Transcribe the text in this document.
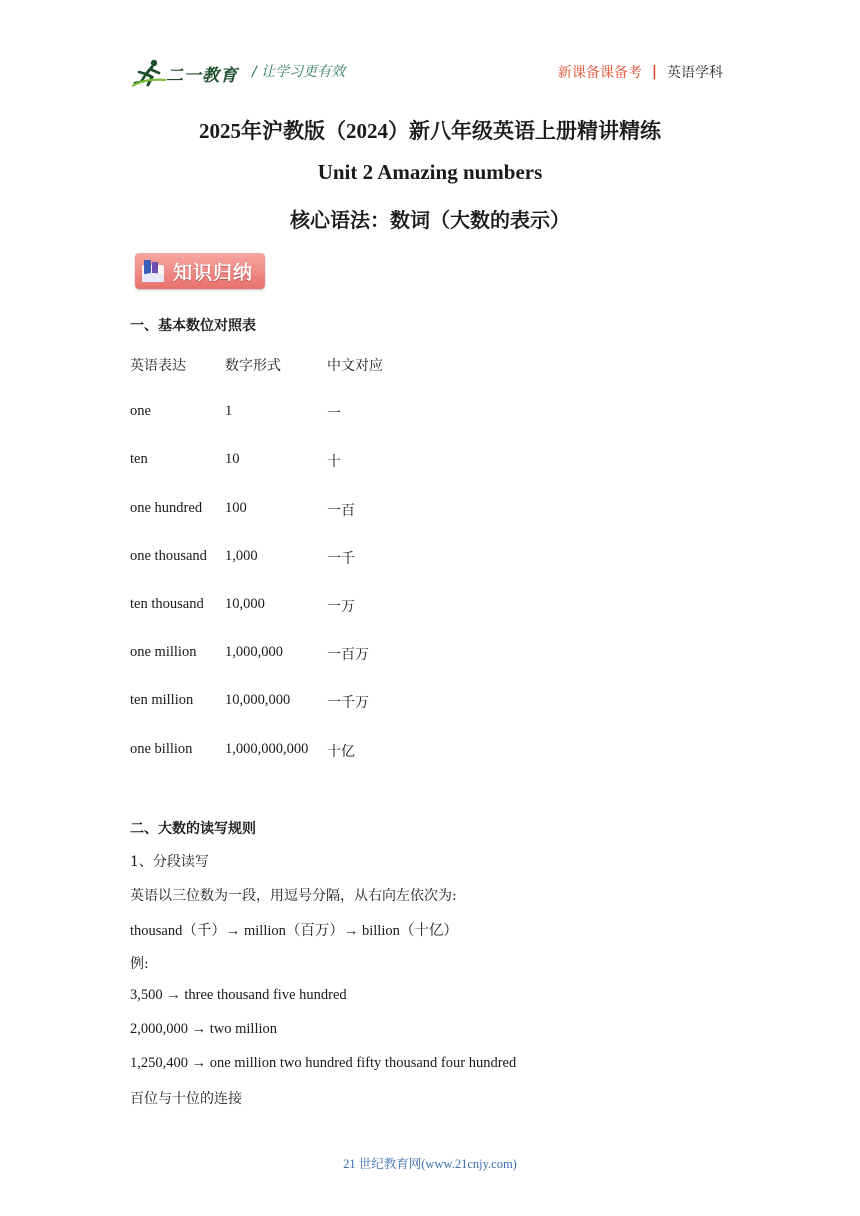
二一教育 / 让学习更有效	新课备课备考 | 英语学科
2025年沪教版（2024）新八年级英语上册精讲精练
Unit 2 Amazing numbers
核心语法：数词（大数的表示）
知识归纳
一、基本数位对照表
英语表达	数字形式	中文对应
one	1	一
ten	10	十
one hundred 100	一百
one thousand 1,000	一千
ten thousand 10,000	一万
one million 1,000,000	一百万
ten million 10,000,000	一千万
one billion 1,000,000,000 十亿
二、大数的读写规则
1、分段读写
英语以三位数为一段，用逗号分隔，从右向左依次为:
thousand（千）→ million（百万）→ billion（十亿）
例:
3,500 → three thousand five hundred
2,000,000 → two million
1,250,400 → one million two hundred fifty thousand four hundred
百位与十位的连接
21 世纪教育网(www.21cnjy.com)
